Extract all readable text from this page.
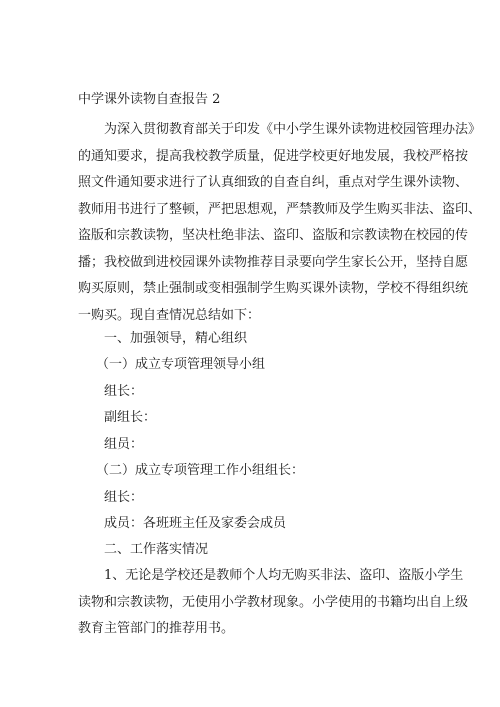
中学课外读物自查报告 2
为深入贯彻教育部关于印发《中小学生课外读物进校园管理办法》
的通知要求，提高我校教学质量，促进学校更好地发展，我校严格按
照文件通知要求进行了认真细致的自查自纠，重点对学生课外读物、
教师用书进行了整顿，严把思想观，严禁教师及学生购买非法、盗印、
盗版和宗教读物，坚决杜绝非法、盗印、盗版和宗教读物在校园的传
播；我校做到进校园课外读物推荐目录要向学生家长公开，坚持自愿
购买原则，禁止强制或变相强制学生购买课外读物，学校不得组织统
一购买。现自查情况总结如下：
一、加强领导，精心组织
（一）成立专项管理领导小组
组长：
副组长：
组员：
（二）成立专项管理工作小组组长：
组长：
成员：各班班主任及家委会成员
二、工作落实情况
1、无论是学校还是教师个人均无购买非法、盗印、盗版小学生
读物和宗教读物，无使用小学教材现象。小学使用的书籍均出自上级
教育主管部门的推荐用书。
